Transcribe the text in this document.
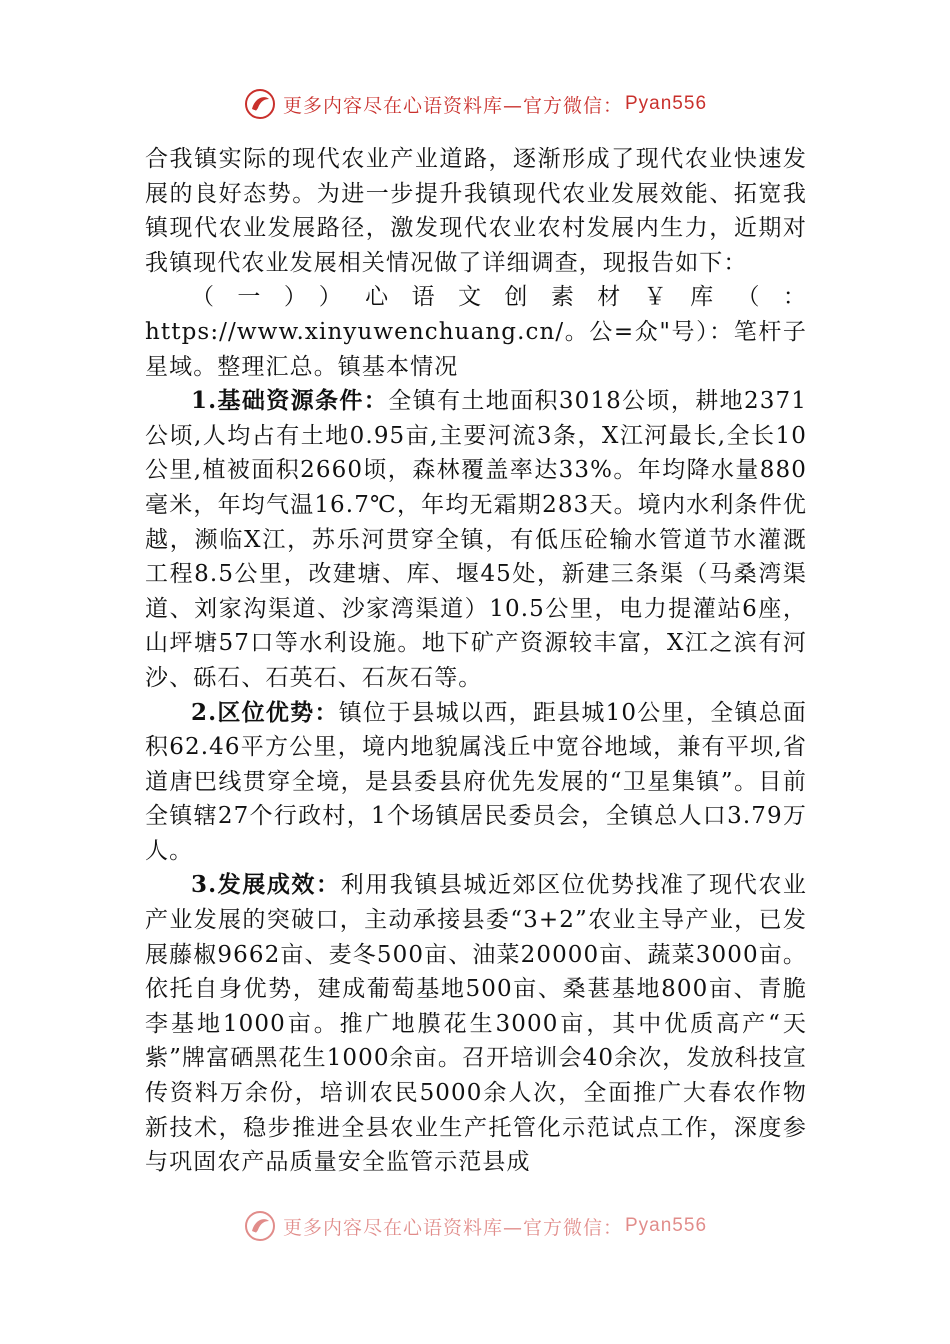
更多内容尽在心语资料库—官方微信： Pyan556

合我镇实际的现代农业产业道路，逐渐形成了现代农业快速发展的良好态势。为进一步提升我镇现代农业发展效能、拓宽我镇现代农业发展路径，激发现代农业农村发展内生力，近期对我镇现代农业发展相关情况做了详细调查，现报告如下：

（一））心语文创素材￥库（：https://www.xinyuwenchuang.cn/。公=众"号）：笔杆子星域。整理汇总。镇基本情况

1.基础资源条件：全镇有土地面积3018公顷，耕地2371公顷,人均占有土地0.95亩,主要河流3条，X江河最长,全长10公里,植被面积2660顷，森林覆盖率达33%。年均降水量880毫米，年均气温16.7℃，年均无霜期283天。境内水利条件优越，濒临X江，苏乐河贯穿全镇，有低压砼输水管道节水灌溉工程8.5公里，改建塘、库、堰45处，新建三条渠（马桑湾渠道、刘家沟渠道、沙家湾渠道）10.5公里，电力提灌站6座，山坪塘57口等水利设施。地下矿产资源较丰富，X江之滨有河沙、砾石、石英石、石灰石等。

2.区位优势：镇位于县城以西，距县城10公里，全镇总面积62.46平方公里，境内地貌属浅丘中宽谷地域，兼有平坝,省道唐巴线贯穿全境，是县委县府优先发展的“卫星集镇”。目前全镇辖27个行政村，1个场镇居民委员会，全镇总人口3.79万人。

3.发展成效：利用我镇县城近郊区位优势找准了现代农业产业发展的突破口，主动承接县委“3+2”农业主导产业，已发展藤椒9662亩、麦冬500亩、油菜20000亩、蔬菜3000亩。依托自身优势，建成葡萄基地500亩、桑葚基地800亩、青脆李基地1000亩。推广地膜花生3000亩，其中优质高产“天紫”牌富硒黑花生1000余亩。召开培训会40余次，发放科技宣传资料万余份，培训农民5000余人次，全面推广大春农作物新技术，稳步推进全县农业生产托管化示范试点工作，深度参与巩固农产品质量安全监管示范县成

更多内容尽在心语资料库—官方微信： Pyan556
